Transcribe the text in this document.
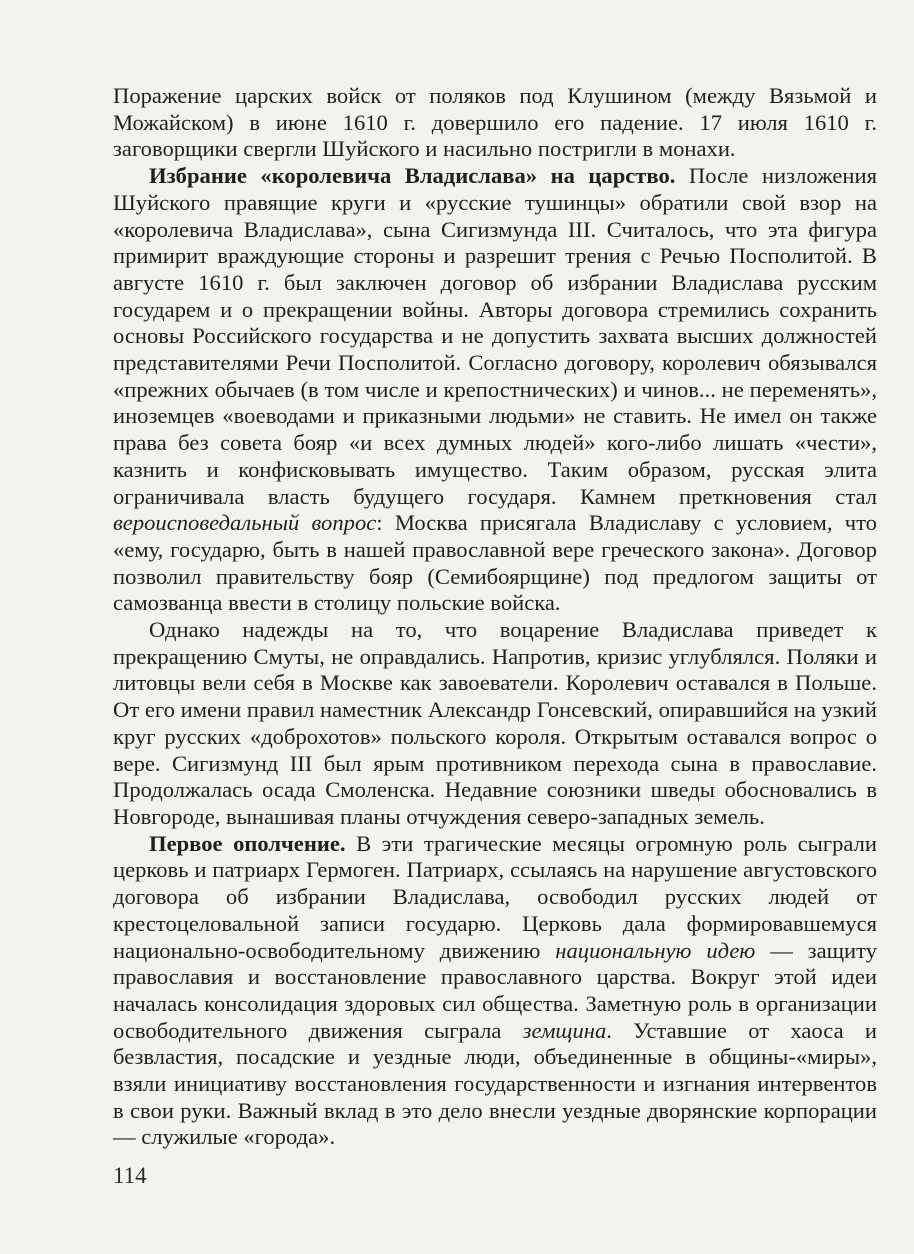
Поражение царских войск от поляков под Клушином (между Вязьмой и Можайском) в июне 1610 г. довершило его падение. 17 июля 1610 г. заговорщики свергли Шуйского и насильно постригли в монахи.

Избрание «королевича Владислава» на царство. После низложения Шуйского правящие круги и «русские тушинцы» обратили свой взор на «королевича Владислава», сына Сигизмунда III. Считалось, что эта фигура примирит враждующие стороны и разрешит трения с Речью Посполитой. В августе 1610 г. был заключен договор об избрании Владислава русским государем и о прекращении войны. Авторы договора стремились сохранить основы Российского государства и не допустить захвата высших должностей представителями Речи Посполитой. Согласно договору, королевич обязывался «прежних обычаев (в том числе и крепостнических) и чинов... не переменять», иноземцев «воеводами и приказными людьми» не ставить. Не имел он также права без совета бояр «и всех думных людей» кого-либо лишать «чести», казнить и конфисковывать имущество. Таким образом, русская элита ограничивала власть будущего государя. Камнем преткновения стал вероисповедальный вопрос: Москва присягала Владиславу с условием, что «ему, государю, быть в нашей православной вере греческого закона». Договор позволил правительству бояр (Семибоярщине) под предлогом защиты от самозванца ввести в столицу польские войска.

Однако надежды на то, что воцарение Владислава приведет к прекращению Смуты, не оправдались. Напротив, кризис углублялся. Поляки и литовцы вели себя в Москве как завоеватели. Королевич оставался в Польше. От его имени правил наместник Александр Гонсевский, опиравшийся на узкий круг русских «доброхотов» польского короля. Открытым оставался вопрос о вере. Сигизмунд III был ярым противником перехода сына в православие. Продолжалась осада Смоленска. Недавние союзники шведы обосновались в Новгороде, вынашивая планы отчуждения северо-западных земель.

Первое ополчение. В эти трагические месяцы огромную роль сыграли церковь и патриарх Гермоген. Патриарх, ссылаясь на нарушение августовского договора об избрании Владислава, освободил русских людей от крестоцеловальной записи государю. Церковь дала формировавшемуся национально-освободительному движению национальную идею — защиту православия и восстановление православного царства. Вокруг этой идеи началась консолидация здоровых сил общества. Заметную роль в организации освободительного движения сыграла земщина. Уставшие от хаоса и безвластия, посадские и уездные люди, объединенные в общины-«миры», взяли инициативу восстановления государственности и изгнания интервентов в свои руки. Важный вклад в это дело внесли уездные дворянские корпорации — служилые «города».

114
